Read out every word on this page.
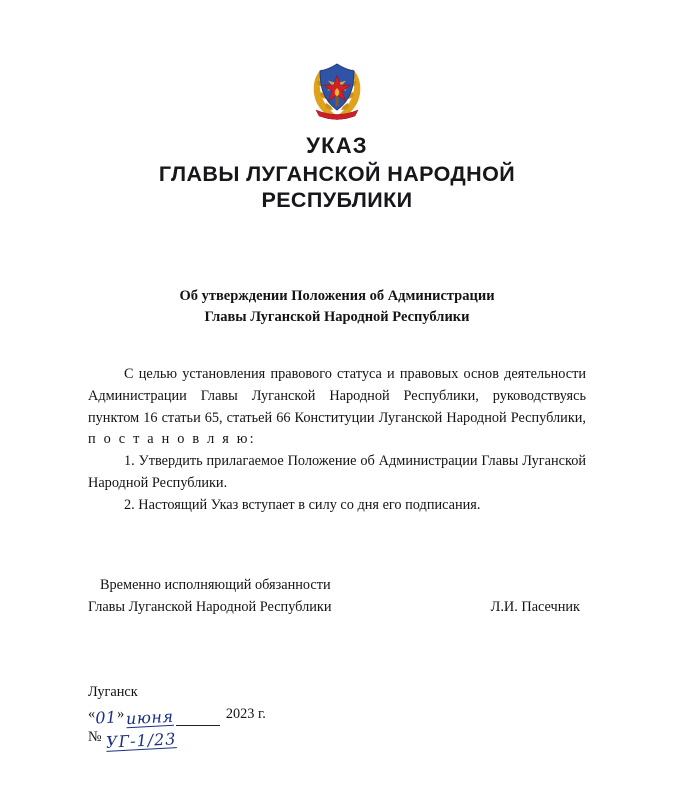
УКАЗ
ГЛАВЫ ЛУГАНСКОЙ НАРОДНОЙ РЕСПУБЛИКИ
Об утверждении Положения об Администрации
Главы Луганской Народной Республики

С целью установления правового статуса и правовых основ деятельности Администрации Главы Луганской Народной Республики, руководствуясь пунктом 16 статьи 65, статьей 66 Конституции Луганской Народной Республики, п о с т а н о в л я ю:

1. Утвердить прилагаемое Положение об Администрации Главы Луганской Народной Республики.

2. Настоящий Указ вступает в силу со дня его подписания.

Временно исполняющий обязанности
Главы Луганской Народной Республики	Л.И. Пасечник
Луганск
« 01 » июня	2023 г.
№ УГ-1/23
